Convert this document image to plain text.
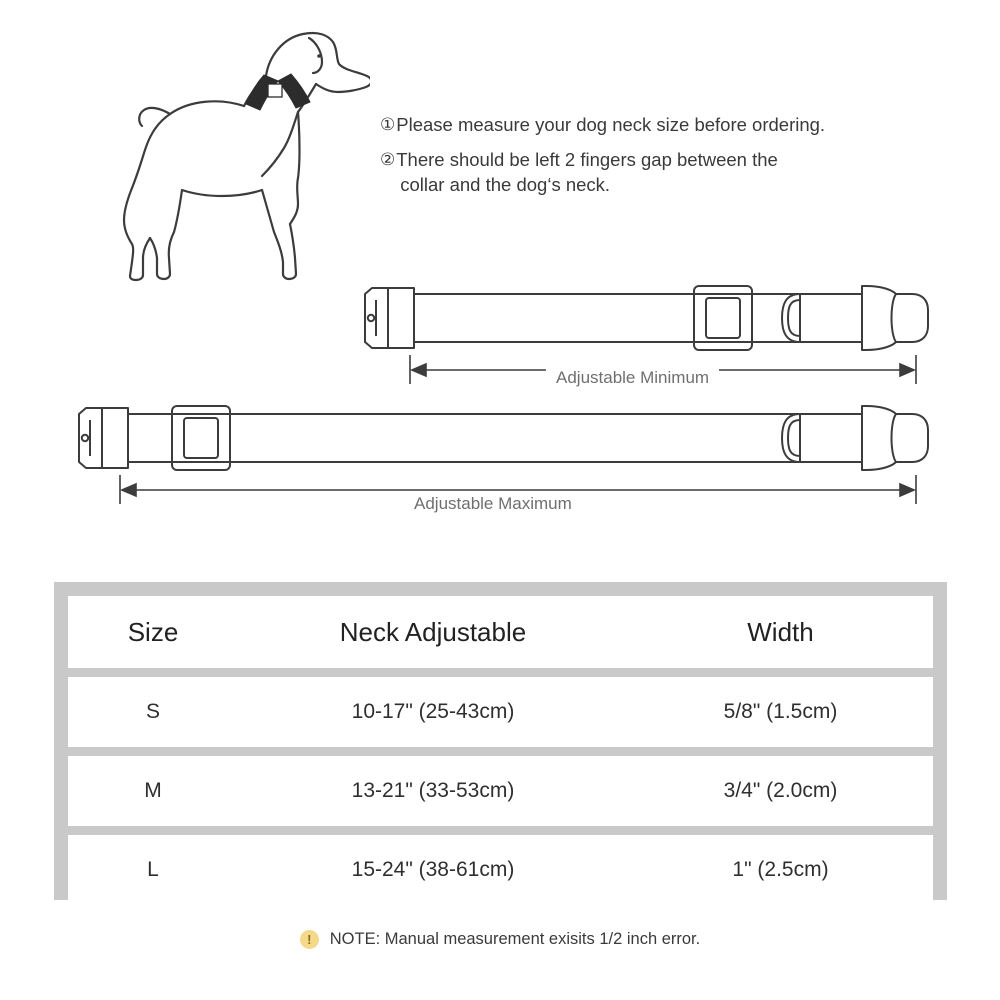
① Please measure your dog neck size before ordering.
② There should be left 2 fingers gap between the
collar and the dog‘s neck.
Adjustable Minimum
Adjustable Maximum
Size	Neck Adjustable	Width
S	10-17" (25-43cm)	5/8" (1.5cm)
M	13-21" (33-53cm)	3/4" (2.0cm)
L	15-24" (38-61cm)	1" (2.5cm)
!	NOTE: Manual measurement exisits 1/2 inch error.
